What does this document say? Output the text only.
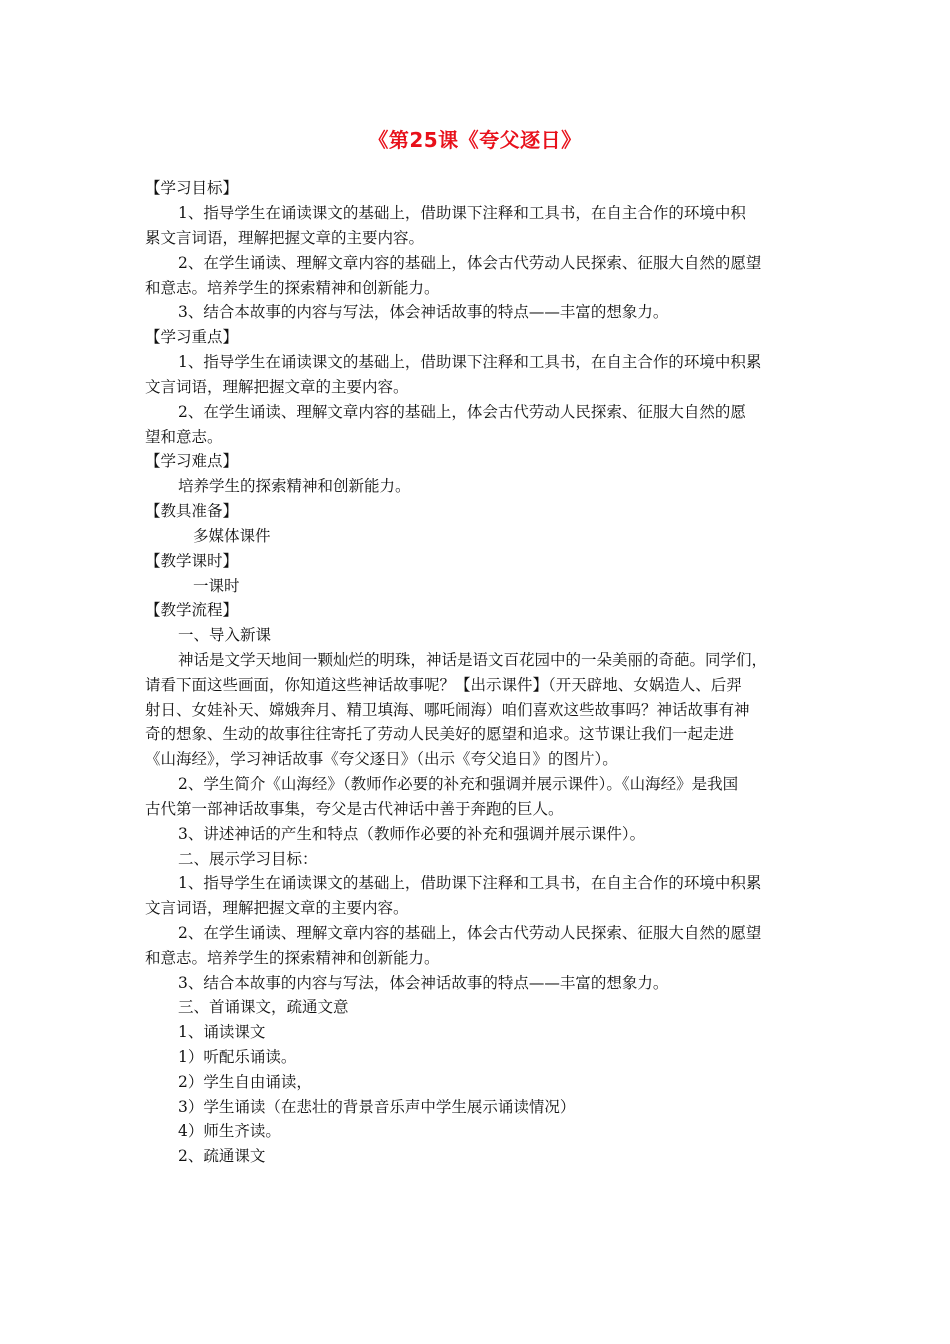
《第25课《夸父逐日》
【学习目标】
1、指导学生在诵读课文的基础上，借助课下注释和工具书，在自主合作的环境中积
累文言词语，理解把握文章的主要内容。
2、在学生诵读、理解文章内容的基础上，体会古代劳动人民探索、征服大自然的愿望
和意志。培养学生的探索精神和创新能力。
3、结合本故事的内容与写法，体会神话故事的特点——丰富的想象力。
【学习重点】
1、指导学生在诵读课文的基础上，借助课下注释和工具书，在自主合作的环境中积累
文言词语，理解把握文章的主要内容。
2、在学生诵读、理解文章内容的基础上，体会古代劳动人民探索、征服大自然的愿
望和意志。
【学习难点】
培养学生的探索精神和创新能力。
【教具准备】
多媒体课件
【教学课时】
一课时
【教学流程】
一、导入新课
神话是文学天地间一颗灿烂的明珠，神话是语文百花园中的一朵美丽的奇葩。同学们，
请看下面这些画面，你知道这些神话故事呢？【出示课件】（开天辟地、女娲造人、后羿
射日、女娃补天、嫦娥奔月、精卫填海、哪吒闹海）咱们喜欢这些故事吗？神话故事有神
奇的想象、生动的故事往往寄托了劳动人民美好的愿望和追求。这节课让我们一起走进
《山海经》，学习神话故事《夸父逐日》（出示《夸父追日》的图片）。
2、学生简介《山海经》（教师作必要的补充和强调并展示课件）。《山海经》是我国
古代第一部神话故事集，夸父是古代神话中善于奔跑的巨人。
3、讲述神话的产生和特点（教师作必要的补充和强调并展示课件）。
二、展示学习目标：
1、指导学生在诵读课文的基础上，借助课下注释和工具书，在自主合作的环境中积累
文言词语，理解把握文章的主要内容。
2、在学生诵读、理解文章内容的基础上，体会古代劳动人民探索、征服大自然的愿望
和意志。培养学生的探索精神和创新能力。
3、结合本故事的内容与写法，体会神话故事的特点——丰富的想象力。
三、首诵课文，疏通文意
1、诵读课文
1）听配乐诵读。
2）学生自由诵读，
3）学生诵读（在悲壮的背景音乐声中学生展示诵读情况）
4）师生齐读。
2、疏通课文
